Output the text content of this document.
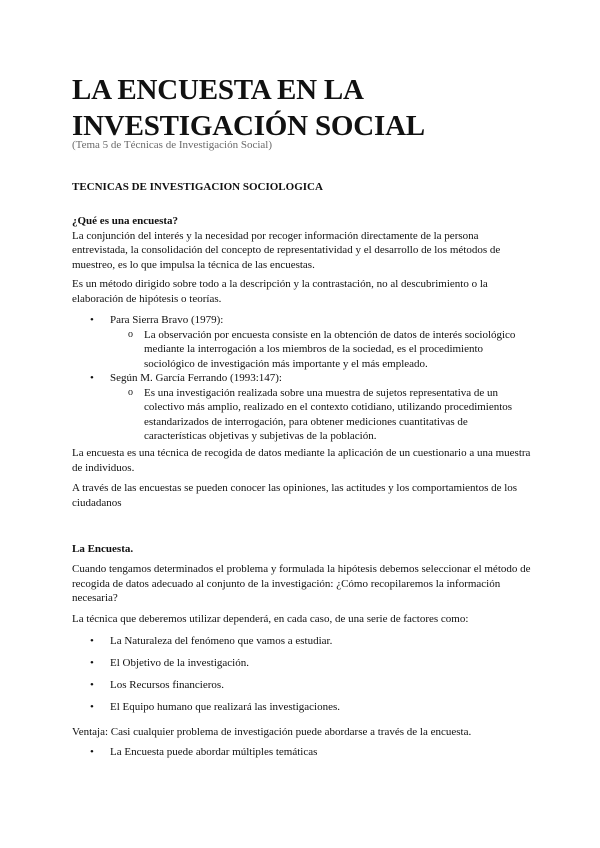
LA ENCUESTA EN LA
INVESTIGACIÓN SOCIAL
(Tema 5 de Técnicas de Investigación Social)
TECNICAS DE INVESTIGACION SOCIOLOGICA

¿Qué es una encuesta?

La conjunción del interés y la necesidad por recoger información directamente de la persona entrevistada, la consolidación del concepto de representatividad y el desarrollo de los métodos de muestreo, es lo que impulsa la técnica de las encuestas.

Es un método dirigido sobre todo a la descripción y la contrastación, no al descubrimiento o la elaboración de hipótesis o teorías.
• Para Sierra Bravo (1979):
o La observación por encuesta consiste en la obtención de datos de interés sociológico mediante la interrogación a los miembros de la sociedad, es el procedimiento sociológico de investigación más importante y el más empleado.
• Según M. García Ferrando (1993:147):
o Es una investigación realizada sobre una muestra de sujetos representativa de un colectivo más amplio, realizado en el contexto cotidiano, utilizando procedimientos estandarizados de interrogación, para obtener mediciones cuantitativas de características objetivas y subjetivas de la población.
La encuesta es una técnica de recogida de datos mediante la aplicación de un cuestionario a una muestra de individuos.
A través de las encuestas se pueden conocer las opiniones, las actitudes y los comportamientos de los ciudadanos
La Encuesta.
Cuando tengamos determinados el problema y formulada la hipótesis debemos seleccionar el método de recogida de datos adecuado al conjunto de la investigación: ¿Cómo recopilaremos la información necesaria?
La técnica que deberemos utilizar dependerá, en cada caso, de una serie de factores como:
• La Naturaleza del fenómeno que vamos a estudiar.
• El Objetivo de la investigación.
• Los Recursos financieros.
• El Equipo humano que realizará las investigaciones.
Ventaja: Casi cualquier problema de investigación puede abordarse a través de la encuesta.
• La Encuesta puede abordar múltiples temáticas
